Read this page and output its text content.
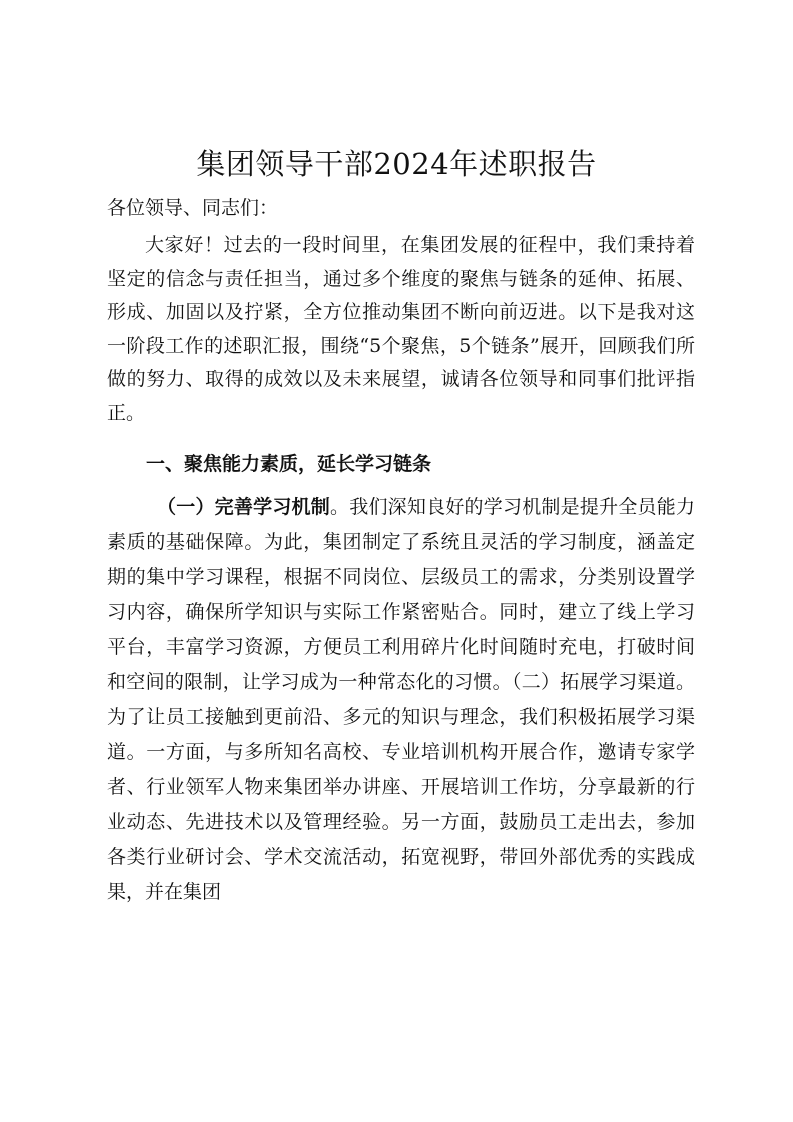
集团领导干部2024年述职报告
各位领导、同志们：
大家好！过去的一段时间里，在集团发展的征程中，我们秉持着坚定的信念与责任担当，通过多个维度的聚焦与链条的延伸、拓展、形成、加固以及拧紧，全方位推动集团不断向前迈进。以下是我对这一阶段工作的述职汇报，围绕“5个聚焦，5个链条”展开，回顾我们所做的努力、取得的成效以及未来展望，诚请各位领导和同事们批评指正。
一、聚焦能力素质，延长学习链条
（一）完善学习机制。我们深知良好的学习机制是提升全员能力素质的基础保障。为此，集团制定了系统且灵活的学习制度，涵盖定期的集中学习课程，根据不同岗位、层级员工的需求，分类别设置学习内容，确保所学知识与实际工作紧密贴合。同时，建立了线上学习平台，丰富学习资源，方便员工利用碎片化时间随时充电，打破时间和空间的限制，让学习成为一种常态化的习惯。（二）拓展学习渠道。为了让员工接触到更前沿、多元的知识与理念，我们积极拓展学习渠道。一方面，与多所知名高校、专业培训机构开展合作，邀请专家学者、行业领军人物来集团举办讲座、开展培训工作坊，分享最新的行业动态、先进技术以及管理经验。另一方面，鼓励员工走出去，参加各类行业研讨会、学术交流活动，拓宽视野，带回外部优秀的实践成果，并在集团
